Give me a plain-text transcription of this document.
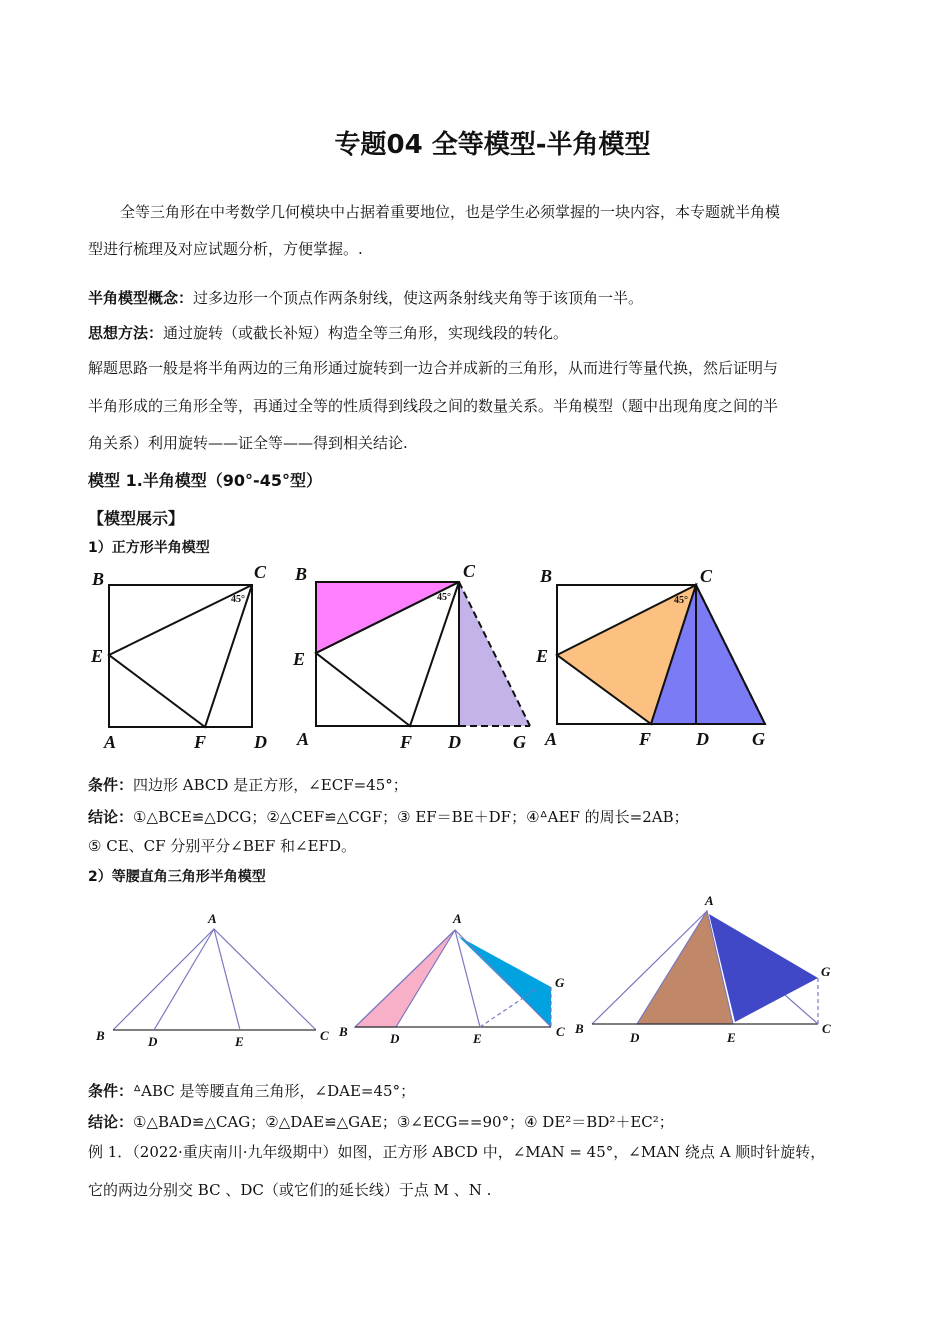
专题04 全等模型-半角模型
全等三角形在中考数学几何模块中占据着重要地位，也是学生必须掌握的一块内容，本专题就半角模
型进行梳理及对应试题分析，方便掌握。.
半角模型概念：过多边形一个顶点作两条射线，使这两条射线夹角等于该顶角一半。
思想方法：通过旋转（或截长补短）构造全等三角形，实现线段的转化。
解题思路一般是将半角两边的三角形通过旋转到一边合并成新的三角形，从而进行等量代换，然后证明与
半角形成的三角形全等，再通过全等的性质得到线段之间的数量关系。半角模型（题中出现角度之间的半
角关系）利用旋转——证全等——得到相关结论.
模型 1.半角模型（90°-45°型）
【模型展示】
1）正方形半角模型
B	C
E
A	F	D
45°
B	C
E
A	F D	G
45°
B	C
E
A	F D G
45°
A
B	D	E	C
A
B	D	E	C
G
A
B
D	E
C
G
条件：四边形 ABCD 是正方形，∠ECF=45°；
结论：①△BCE≌△DCG；②△CEF≌△CGF；③ EF＝BE＋DF；④ᐞAEF 的周长=2AB；
⑤ CE、CF 分别平分∠BEF 和∠EFD。
2）等腰直角三角形半角模型
条件：ᐞABC 是等腰直角三角形，∠DAE=45°；
结论：①△BAD≌△CAG；②△DAE≌△GAE；③∠ECG==90°；④ DE²＝BD²＋EC²；
例 1．（2022·重庆南川·九年级期中）如图，正方形 ABCD 中，∠MAN = 45°，∠MAN 绕点 A 顺时针旋转，
它的两边分别交 BC 、DC（或它们的延长线）于点 M 、N .
